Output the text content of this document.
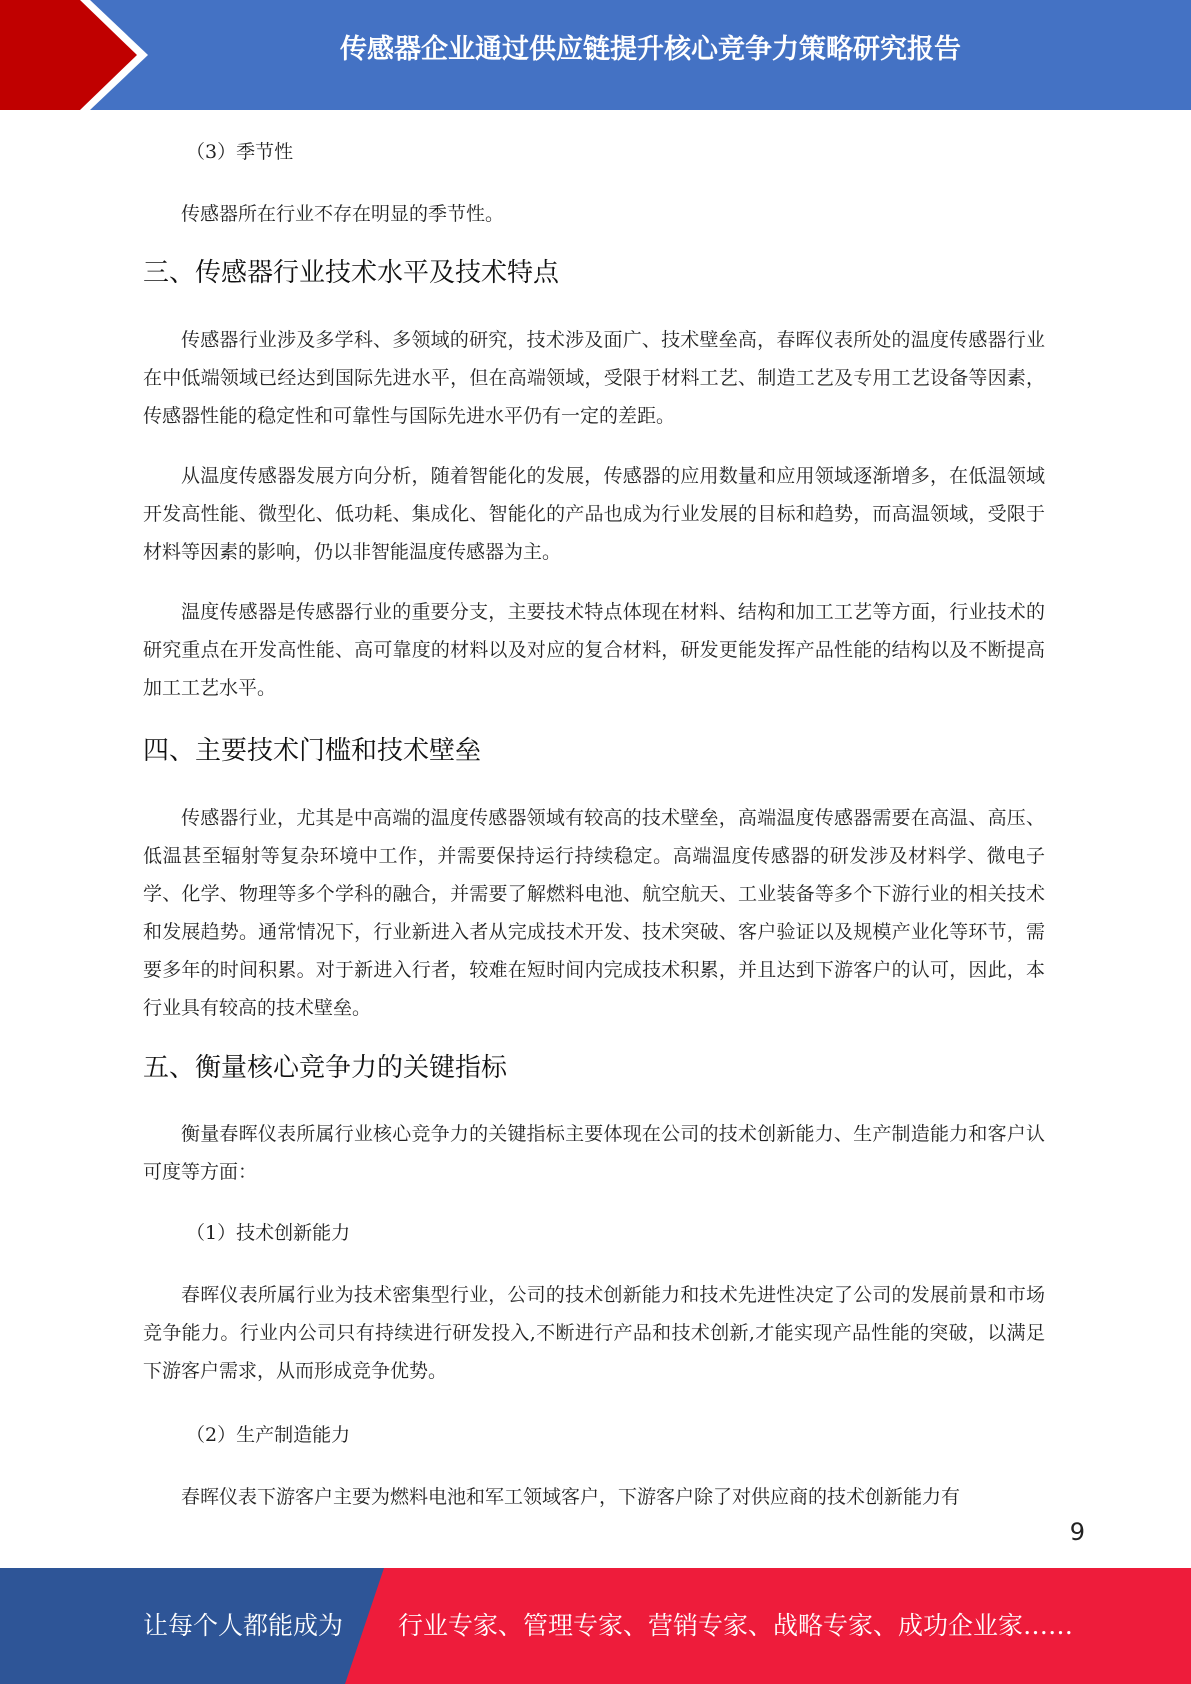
传感器企业通过供应链提升核心竞争力策略研究报告

（3）季节性

传感器所在行业不存在明显的季节性。

三、传感器行业技术水平及技术特点

传感器行业涉及多学科、多领域的研究，技术涉及面广、技术壁垒高，春晖仪表所处的温度传感器行业在中低端领域已经达到国际先进水平，但在高端领域，受限于材料工艺、制造工艺及专用工艺设备等因素，传感器性能的稳定性和可靠性与国际先进水平仍有一定的差距。

从温度传感器发展方向分析，随着智能化的发展，传感器的应用数量和应用领域逐渐增多，在低温领域开发高性能、微型化、低功耗、集成化、智能化的产品也成为行业发展的目标和趋势，而高温领域，受限于材料等因素的影响，仍以非智能温度传感器为主。

温度传感器是传感器行业的重要分支，主要技术特点体现在材料、结构和加工工艺等方面，行业技术的研究重点在开发高性能、高可靠度的材料以及对应的复合材料，研发更能发挥产品性能的结构以及不断提高加工工艺水平。

四、主要技术门槛和技术壁垒

传感器行业，尤其是中高端的温度传感器领域有较高的技术壁垒，高端温度传感器需要在高温、高压、低温甚至辐射等复杂环境中工作，并需要保持运行持续稳定。高端温度传感器的研发涉及材料学、微电子学、化学、物理等多个学科的融合，并需要了解燃料电池、航空航天、工业装备等多个下游行业的相关技术和发展趋势。通常情况下，行业新进入者从完成技术开发、技术突破、客户验证以及规模产业化等环节，需要多年的时间积累。对于新进入行者，较难在短时间内完成技术积累，并且达到下游客户的认可，因此，本行业具有较高的技术壁垒。

五、衡量核心竞争力的关键指标

衡量春晖仪表所属行业核心竞争力的关键指标主要体现在公司的技术创新能力、生产制造能力和客户认可度等方面：

（1）技术创新能力

春晖仪表所属行业为技术密集型行业，公司的技术创新能力和技术先进性决定了公司的发展前景和市场竞争能力。行业内公司只有持续进行研发投入,不断进行产品和技术创新,才能实现产品性能的突破，以满足下游客户需求，从而形成竞争优势。

（2）生产制造能力

春晖仪表下游客户主要为燃料电池和军工领域客户，下游客户除了对供应商的技术创新能力有

9
让每个人都能成为 行业专家、管理专家、营销专家、战略专家、成功企业家……
